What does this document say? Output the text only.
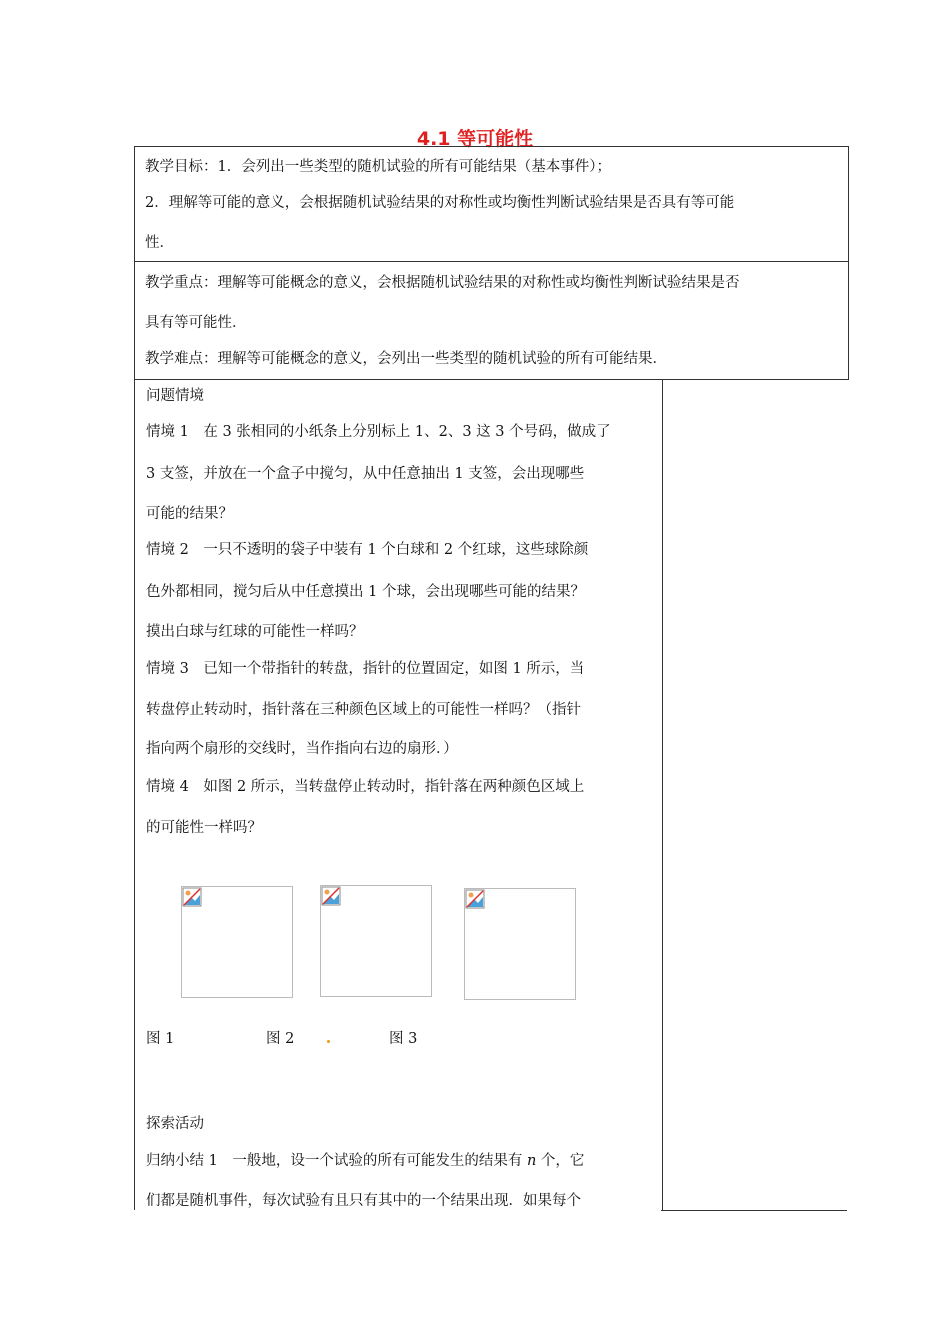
4.1 等可能性
教学目标：1．会列出一些类型的随机试验的所有可能结果（基本事件）；
2．理解等可能的意义，会根据随机试验结果的对称性或均衡性判断试验结果是否具有等可能
性．
教学重点：理解等可能概念的意义，会根据随机试验结果的对称性或均衡性判断试验结果是否
具有等可能性．
教学难点：理解等可能概念的意义，会列出一些类型的随机试验的所有可能结果．
问题情境
情境 1　在 3 张相同的小纸条上分别标上 1、2、3 这 3 个号码，做成了
3 支签，并放在一个盒子中搅匀，从中任意抽出 1 支签，会出现哪些
可能的结果？
情境 2　一只不透明的袋子中装有 1 个白球和 2 个红球，这些球除颜
色外都相同，搅匀后从中任意摸出 1 个球，会出现哪些可能的结果？
摸出白球与红球的可能性一样吗？
情境 3　已知一个带指针的转盘，指针的位置固定，如图 1 所示，当
转盘停止转动时，指针落在三种颜色区域上的可能性一样吗？（指针
指向两个扇形的交线时，当作指向右边的扇形．）
情境 4　如图 2 所示，当转盘停止转动时，指针落在两种颜色区域上
的可能性一样吗？
图 1	图 2	图 3
探索活动
归纳小结 1　一般地，设一个试验的所有可能发生的结果有 n 个，它
们都是随机事件，每次试验有且只有其中的一个结果出现．如果每个
